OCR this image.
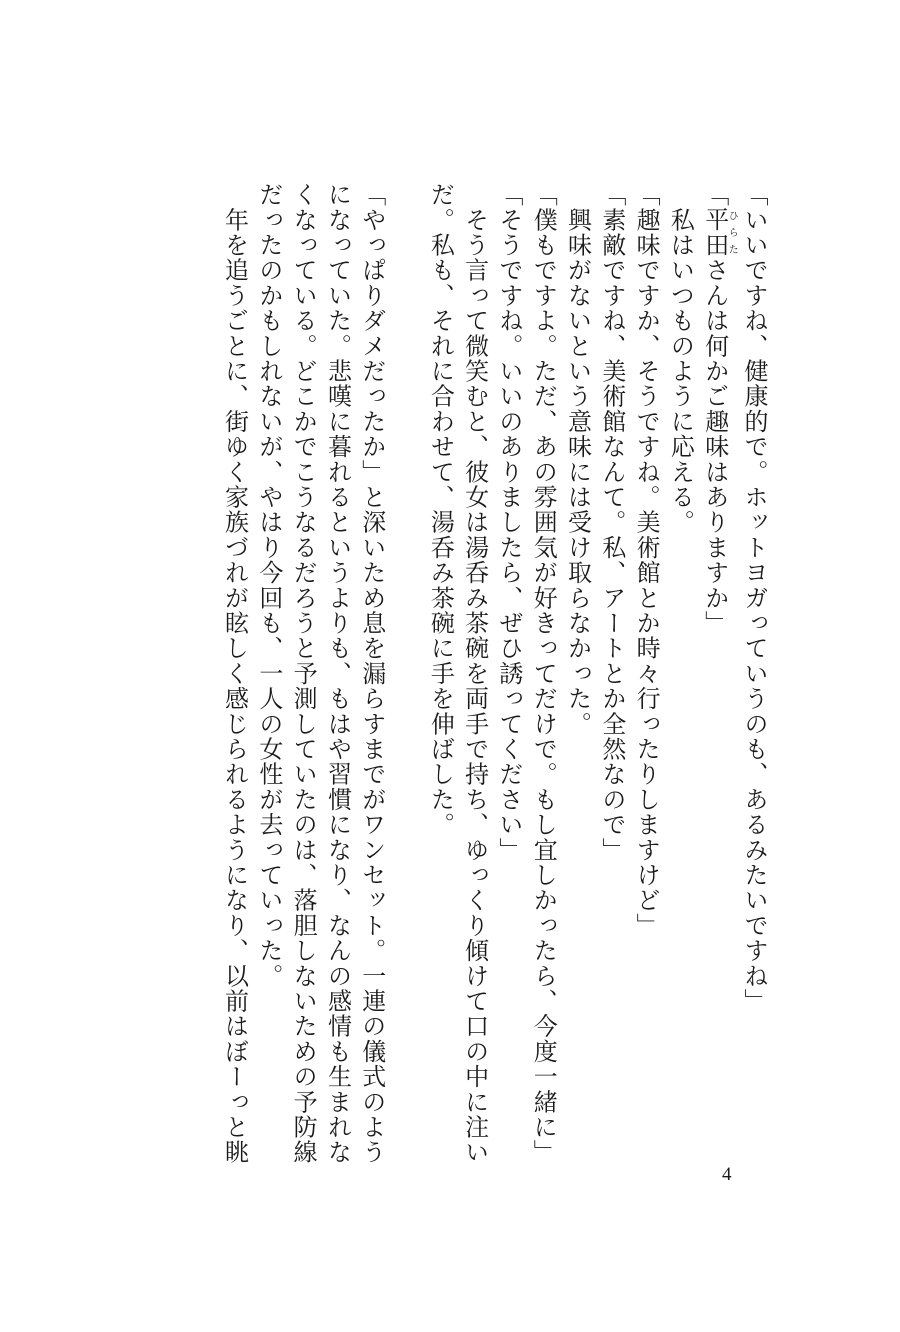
「いいですね、健康的で。ホットヨガっていうのも、あるみたいですね」
「平田ひらたさんは何かご趣味はありますか」
　私はいつものように応える。
「趣味ですか、そうですね。美術館とか時々行ったりしますけど」
「素敵ですね、美術館なんて。私、アートとか全然なので」
　興味がないという意味には受け取らなかった。
「僕もですよ。ただ、あの雰囲気が好きってだけで。もし宜しかったら、今度一緒に」
「そうですね。いいのありましたら、ぜひ誘ってください」
　そう言って微笑むと、彼女は湯呑み茶碗を両手で持ち、ゆっくり傾けて口の中に注い
だ。私も、それに合わせて、湯呑み茶碗に手を伸ばした。
「やっぱりダメだったか」と深いため息を漏らすまでがワンセット。一連の儀式のよう
になっていた。悲嘆に暮れるというよりも、もはや習慣になり、なんの感情も生まれな
くなっている。どこかでこうなるだろうと予測していたのは、落胆しないための予防線
だったのかもしれないが、やはり今回も、一人の女性が去っていった。
　年を追うごとに、街ゆく家族づれが眩しく感じられるようになり、以前はぼーっと眺
4
